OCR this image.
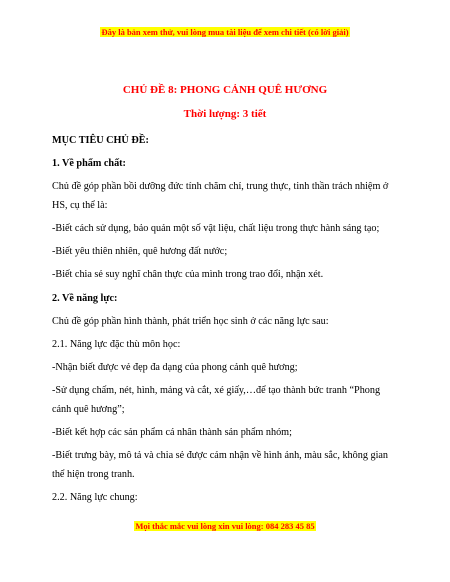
Đây là bản xem thử, vui lòng mua tài liệu để xem chi tiết (có lời giải)
CHỦ ĐỀ 8: PHONG CẢNH QUÊ HƯƠNG
Thời lượng: 3 tiết
MỤC TIÊU CHỦ ĐỀ:
1. Về phẩm chất:
Chủ đề góp phần bồi dưỡng đức tính chăm chỉ, trung thực, tinh thần trách nhiệm ở
HS, cụ thể là:
-Biết cách sử dụng, bảo quản một số vật liệu, chất liệu trong thực hành sáng tạo;
-Biết yêu thiên nhiên, quê hương đất nước;
-Biết chia sẻ suy nghĩ chân thực của mình trong trao đổi, nhận xét.
2. Về năng lực:
Chủ đề góp phần hình thành, phát triển học sinh ở các năng lực sau:
2.1. Năng lực đặc thù môn học:
-Nhận biết được vẻ đẹp đa dạng của phong cảnh quê hương;
-Sử dụng chấm, nét, hình, mảng và cắt, xé giấy,…để tạo thành bức tranh “Phong
cảnh quê hương”;
-Biết kết hợp các sản phẩm cá nhân thành sản phẩm nhóm;
-Biết trưng bày, mô tả và chia sẻ được cảm nhận về hình ảnh, màu sắc, không gian
thể hiện trong tranh.
2.2. Năng lực chung:
Mọi thắc mắc vui lòng xin vui lòng: 084 283 45 85
